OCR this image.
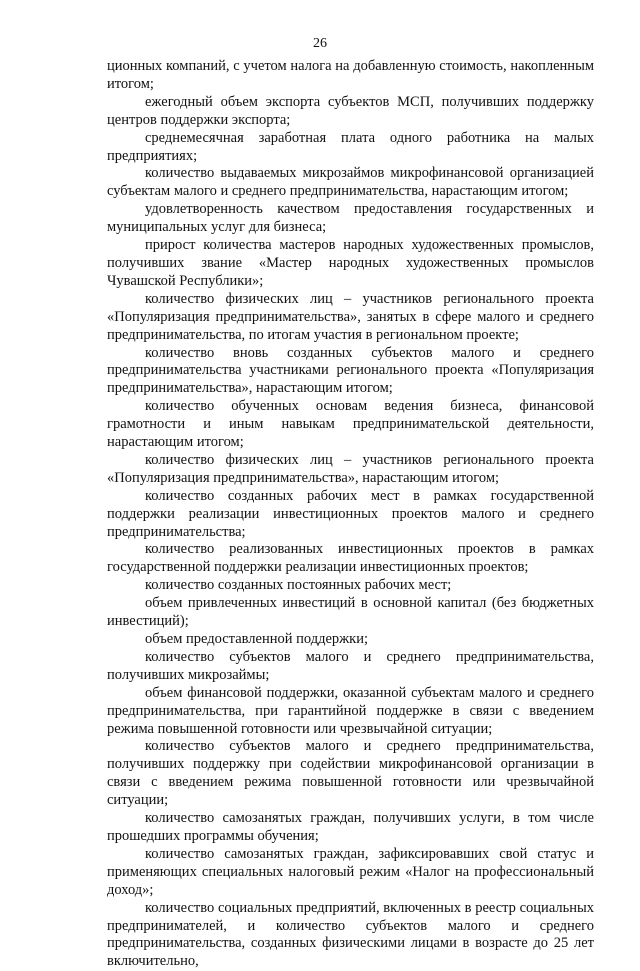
26

ционных компаний, с учетом налога на добавленную стоимость, накопленным итогом;

ежегодный объем экспорта субъектов МСП, получивших поддержку центров поддержки экспорта;

среднемесячная заработная плата одного работника на малых предприятиях;

количество выдаваемых микрозаймов микрофинансовой организацией субъектам малого и среднего предпринимательства, нарастающим итогом;

удовлетворенность качеством предоставления государственных и муниципальных услуг для бизнеса;

прирост количества мастеров народных художественных промыслов, получивших звание «Мастер народных художественных промыслов Чувашской Республики»;

количество физических лиц – участников регионального проекта «Популяризация предпринимательства», занятых в сфере малого и среднего предпринимательства, по итогам участия в региональном проекте;

количество вновь созданных субъектов малого и среднего предпринимательства участниками регионального проекта «Популяризация предпринимательства», нарастающим итогом;

количество обученных основам ведения бизнеса, финансовой грамотности и иным навыкам предпринимательской деятельности, нарастающим итогом;

количество физических лиц – участников регионального проекта «Популяризация предпринимательства», нарастающим итогом;

количество созданных рабочих мест в рамках государственной поддержки реализации инвестиционных проектов малого и среднего предпринимательства;

количество реализованных инвестиционных проектов в рамках государственной поддержки реализации инвестиционных проектов;

количество созданных постоянных рабочих мест;

объем привлеченных инвестиций в основной капитал (без бюджетных инвестиций);

объем предоставленной поддержки;

количество субъектов малого и среднего предпринимательства, получивших микрозаймы;

объем финансовой поддержки, оказанной субъектам малого и среднего предпринимательства, при гарантийной поддержке в связи с введением режима повышенной готовности или чрезвычайной ситуации;

количество субъектов малого и среднего предпринимательства, получивших поддержку при содействии микрофинансовой организации в связи с введением режима повышенной готовности или чрезвычайной ситуации;

количество самозанятых граждан, получивших услуги, в том числе прошедших программы обучения;

количество самозанятых граждан, зафиксировавших свой статус и применяющих специальных налоговый режим «Налог на профессиональный доход»;

количество социальных предприятий, включенных в реестр социальных предпринимателей, и количество субъектов малого и среднего предпринимательства, созданных физическими лицами в возрасте до 25 лет включительно,
